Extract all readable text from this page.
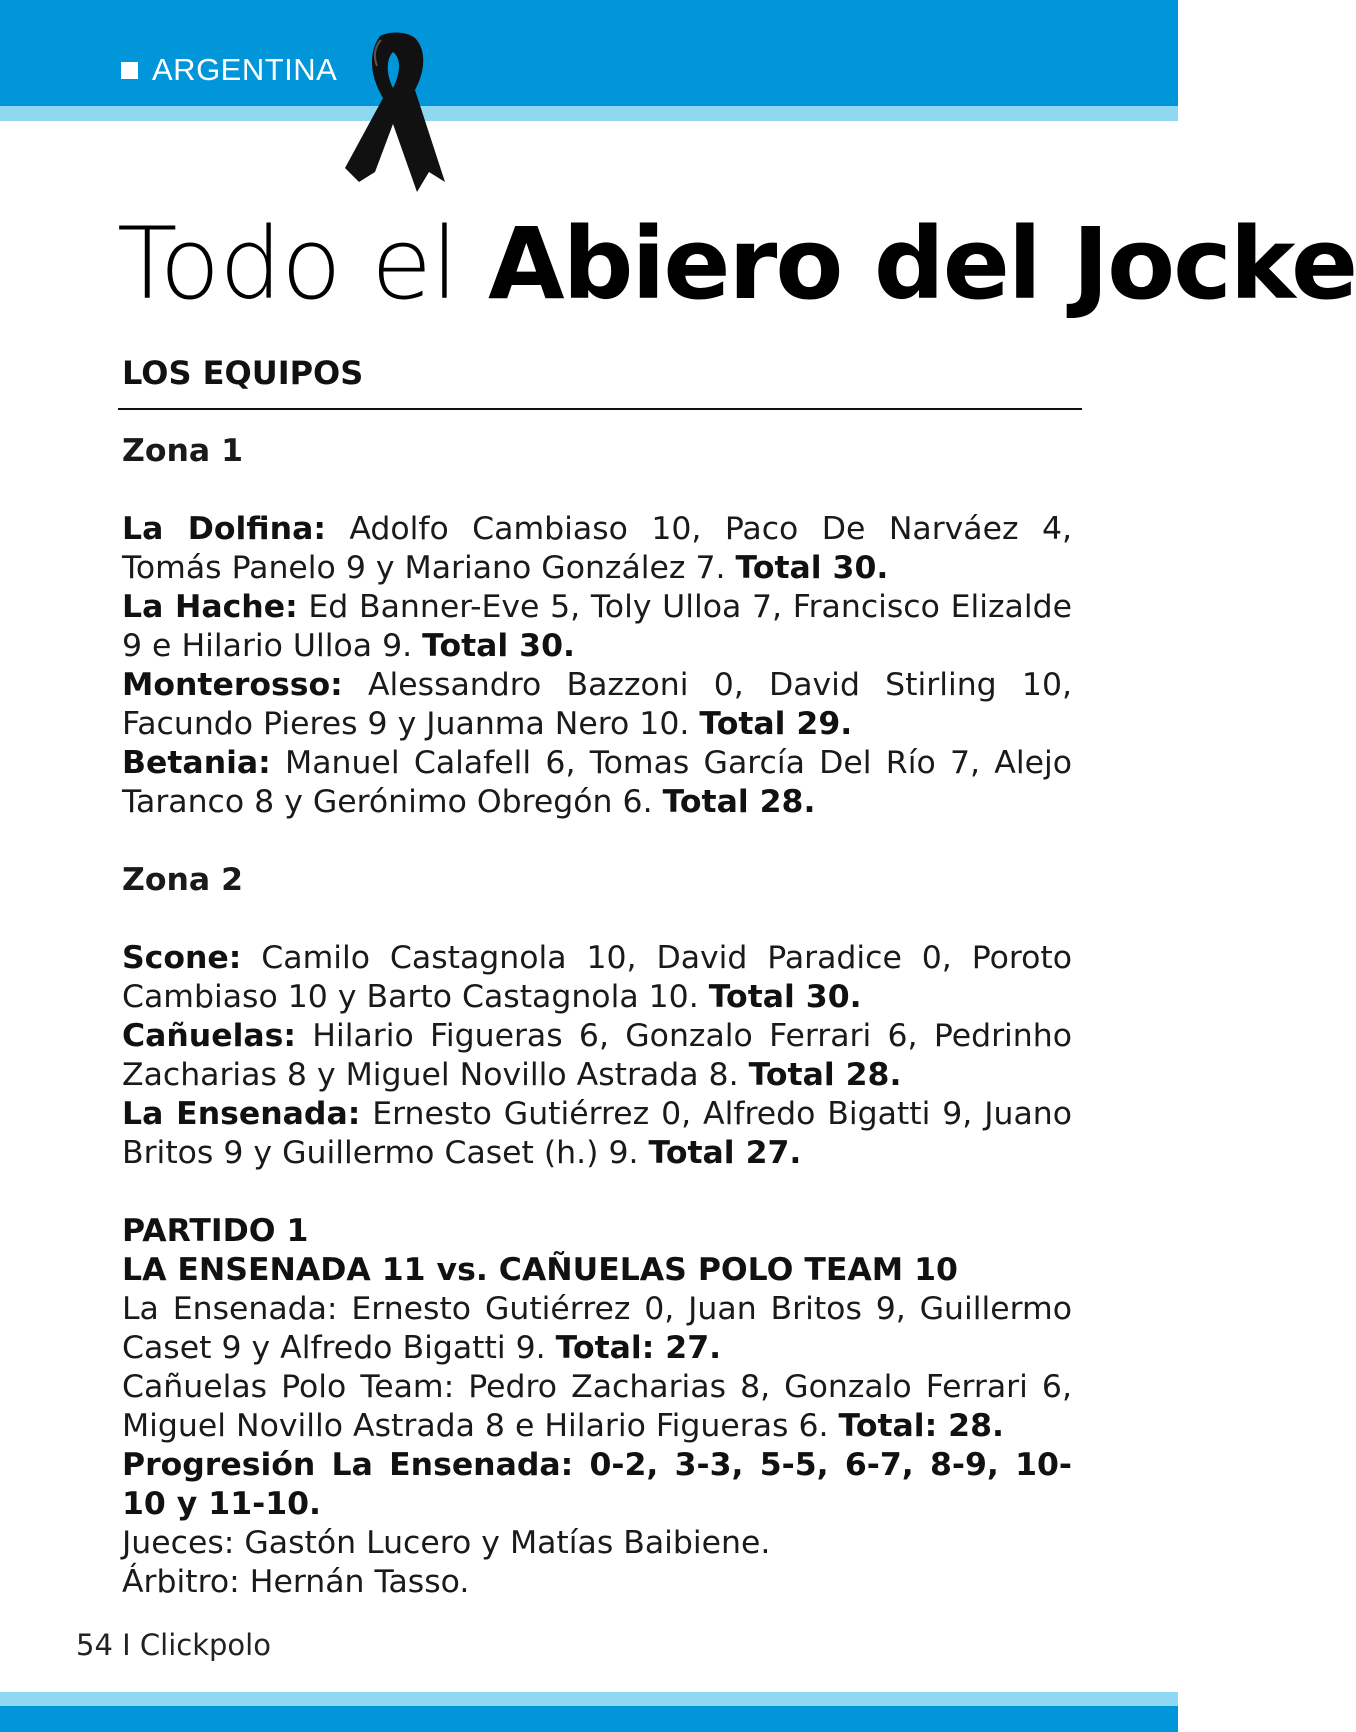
ARGENTINA
Todo el Abiero del Jocke
LOS EQUIPOS

Zona 1

La Dolfina: Adolfo Cambiaso 10, Paco De Narváez 4, Tomás Panelo 9 y Mariano González 7. Total 30.

La Hache: Ed Banner-Eve 5, Toly Ulloa 7, Francisco Elizalde 9 e Hilario Ulloa 9. Total 30.

Monterosso: Alessandro Bazzoni 0, David Stirling 10, Facundo Pieres 9 y Juanma Nero 10. Total 29.

Betania: Manuel Calafell 6, Tomas García Del Río 7, Alejo Taranco 8 y Gerónimo Obregón 6. Total 28.

Zona 2

Scone: Camilo Castagnola 10, David Paradice 0, Poroto Cambiaso 10 y Barto Castagnola 10. Total 30.

Cañuelas: Hilario Figueras 6, Gonzalo Ferrari 6, Pedrinho Zacharias 8 y Miguel Novillo Astrada 8. Total 28.

La Ensenada: Ernesto Gutiérrez 0, Alfredo Bigatti 9, Juano Britos 9 y Guillermo Caset (h.) 9. Total 27.

PARTIDO 1

LA ENSENADA 11 vs. CAÑUELAS POLO TEAM 10

La Ensenada: Ernesto Gutiérrez 0, Juan Britos 9, Guillermo Caset 9 y Alfredo Bigatti 9. Total: 27.

Cañuelas Polo Team: Pedro Zacharias 8, Gonzalo Ferrari 6, Miguel Novillo Astrada 8 e Hilario Figueras 6. Total: 28.

Progresión La Ensenada: 0-2, 3-3, 5-5, 6-7, 8-9, 10-10 y 11-10.

Jueces: Gastón Lucero y Matías Baibiene.

Árbitro: Hernán Tasso.

54 I Clickpolo
